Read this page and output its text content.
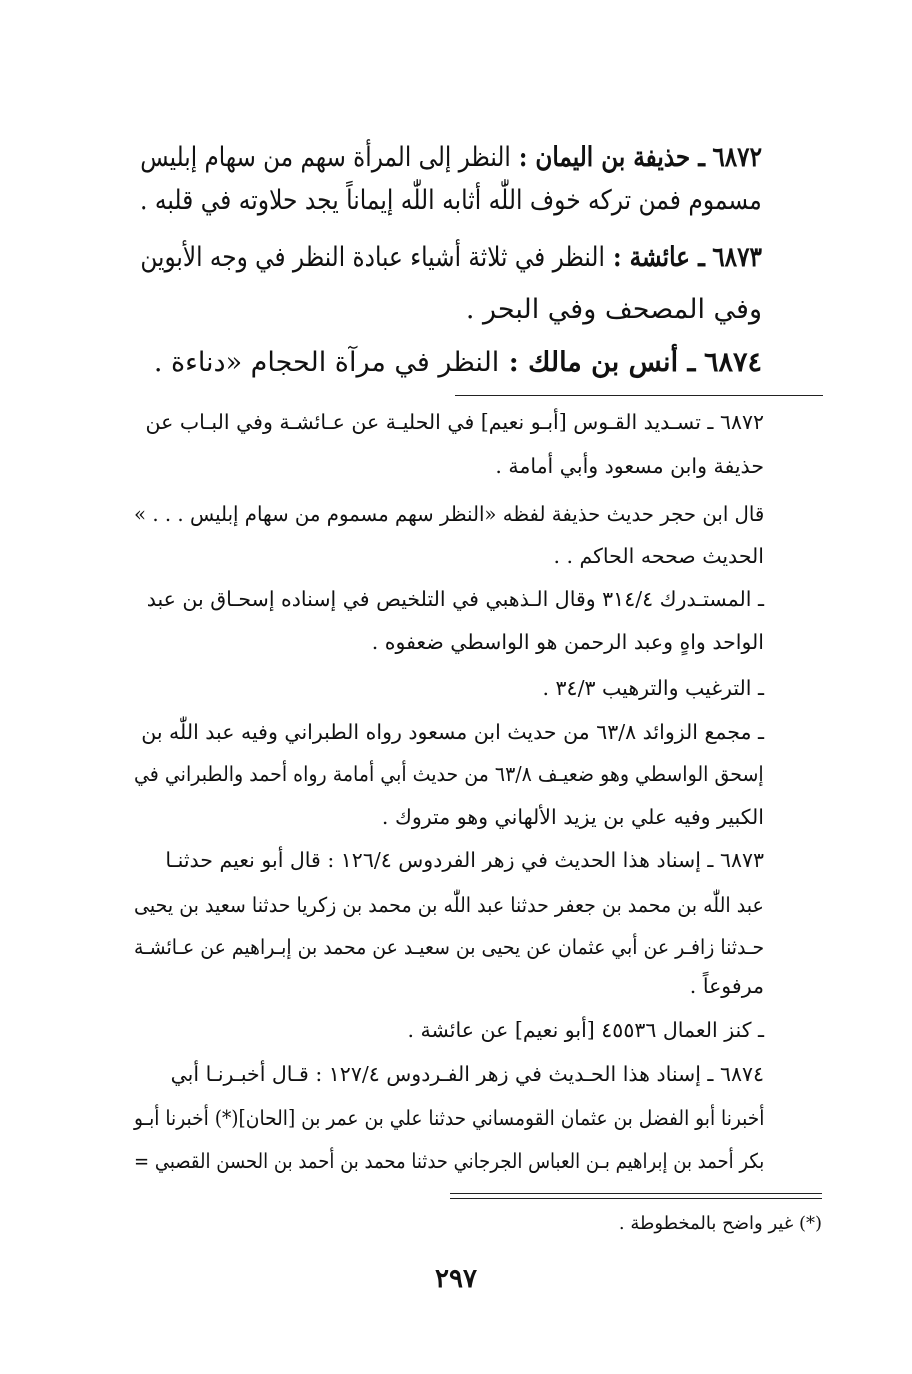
٦٨٧٢ ـ حذيفة بن اليمان : النظر إلى المرأة سهم من سهام إبليس
مسموم فمن تركه خوف اللّٰه أثابه اللّٰه إيماناً يجد حلاوته في قلبه .
٦٨٧٣ ـ عائشة : النظر في ثلاثة أشياء عبادة النظر في وجه الأبوين
وفي المصحف وفي البحر .
٦٨٧٤ ـ أنس بن مالك : النظر في مرآة الحجام «دناءة .
٦٨٧٢ ـ تسـديد القـوس [أبـو نعيم] في الحليـة عن عـائشـة وفي البـاب عن
حذيفة وابن مسعود وأبي أمامة .
قال ابن حجر حديث حذيفة لفظه «النظر سهم مسموم من سهام إبليس . . . »
الحديث صححه الحاكم . .
ـ المستـدرك ٣١٤/٤ وقال الـذهبي في التلخيص في إسناده إسحـاق بن عبد
الواحد واهٍ وعبد الرحمن هو الواسطي ضعفوه .
ـ الترغيب والترهيب ٣٤/٣ .
ـ مجمع الزوائد ٦٣/٨ من حديث ابن مسعود رواه الطبراني وفيه عبد اللّٰه بن
إسحق الواسطي وهو ضعيـف ٦٣/٨ من حديث أبي أمامة رواه أحمد والطبراني في
الكبير وفيه علي بن يزيد الألهاني وهو متروك .
٦٨٧٣ ـ إسناد هذا الحديث في زهر الفردوس ١٢٦/٤ : قال أبو نعيم حدثنـا
عبد اللّٰه بن محمد بن جعفر حدثنا عبد اللّٰه بن محمد بن زكريا حدثنا سعيد بن يحيى
حـدثنا زافـر عن أبي عثمان عن يحيى بن سعيـد عن محمد بن إبـراهيم عن عـائشـة
مرفوعاً .
ـ كنز العمال ٤٥٥٣٦ [أبو نعيم] عن عائشة .
٦٨٧٤ ـ إسناد هذا الحـديث في زهر الفـردوس ١٢٧/٤ : قـال أخبـرنـا أبي
أخبرنا أبو الفضل بن عثمان القومساني حدثنا علي بن عمر بن [الحان](*) أخبرنا أبـو
بكر أحمد بن إبراهيم بـن العباس الجرجاني حدثنا محمد بن أحمد بن الحسن القصبي =
(*) غير واضح بالمخطوطة .
٢٩٧
